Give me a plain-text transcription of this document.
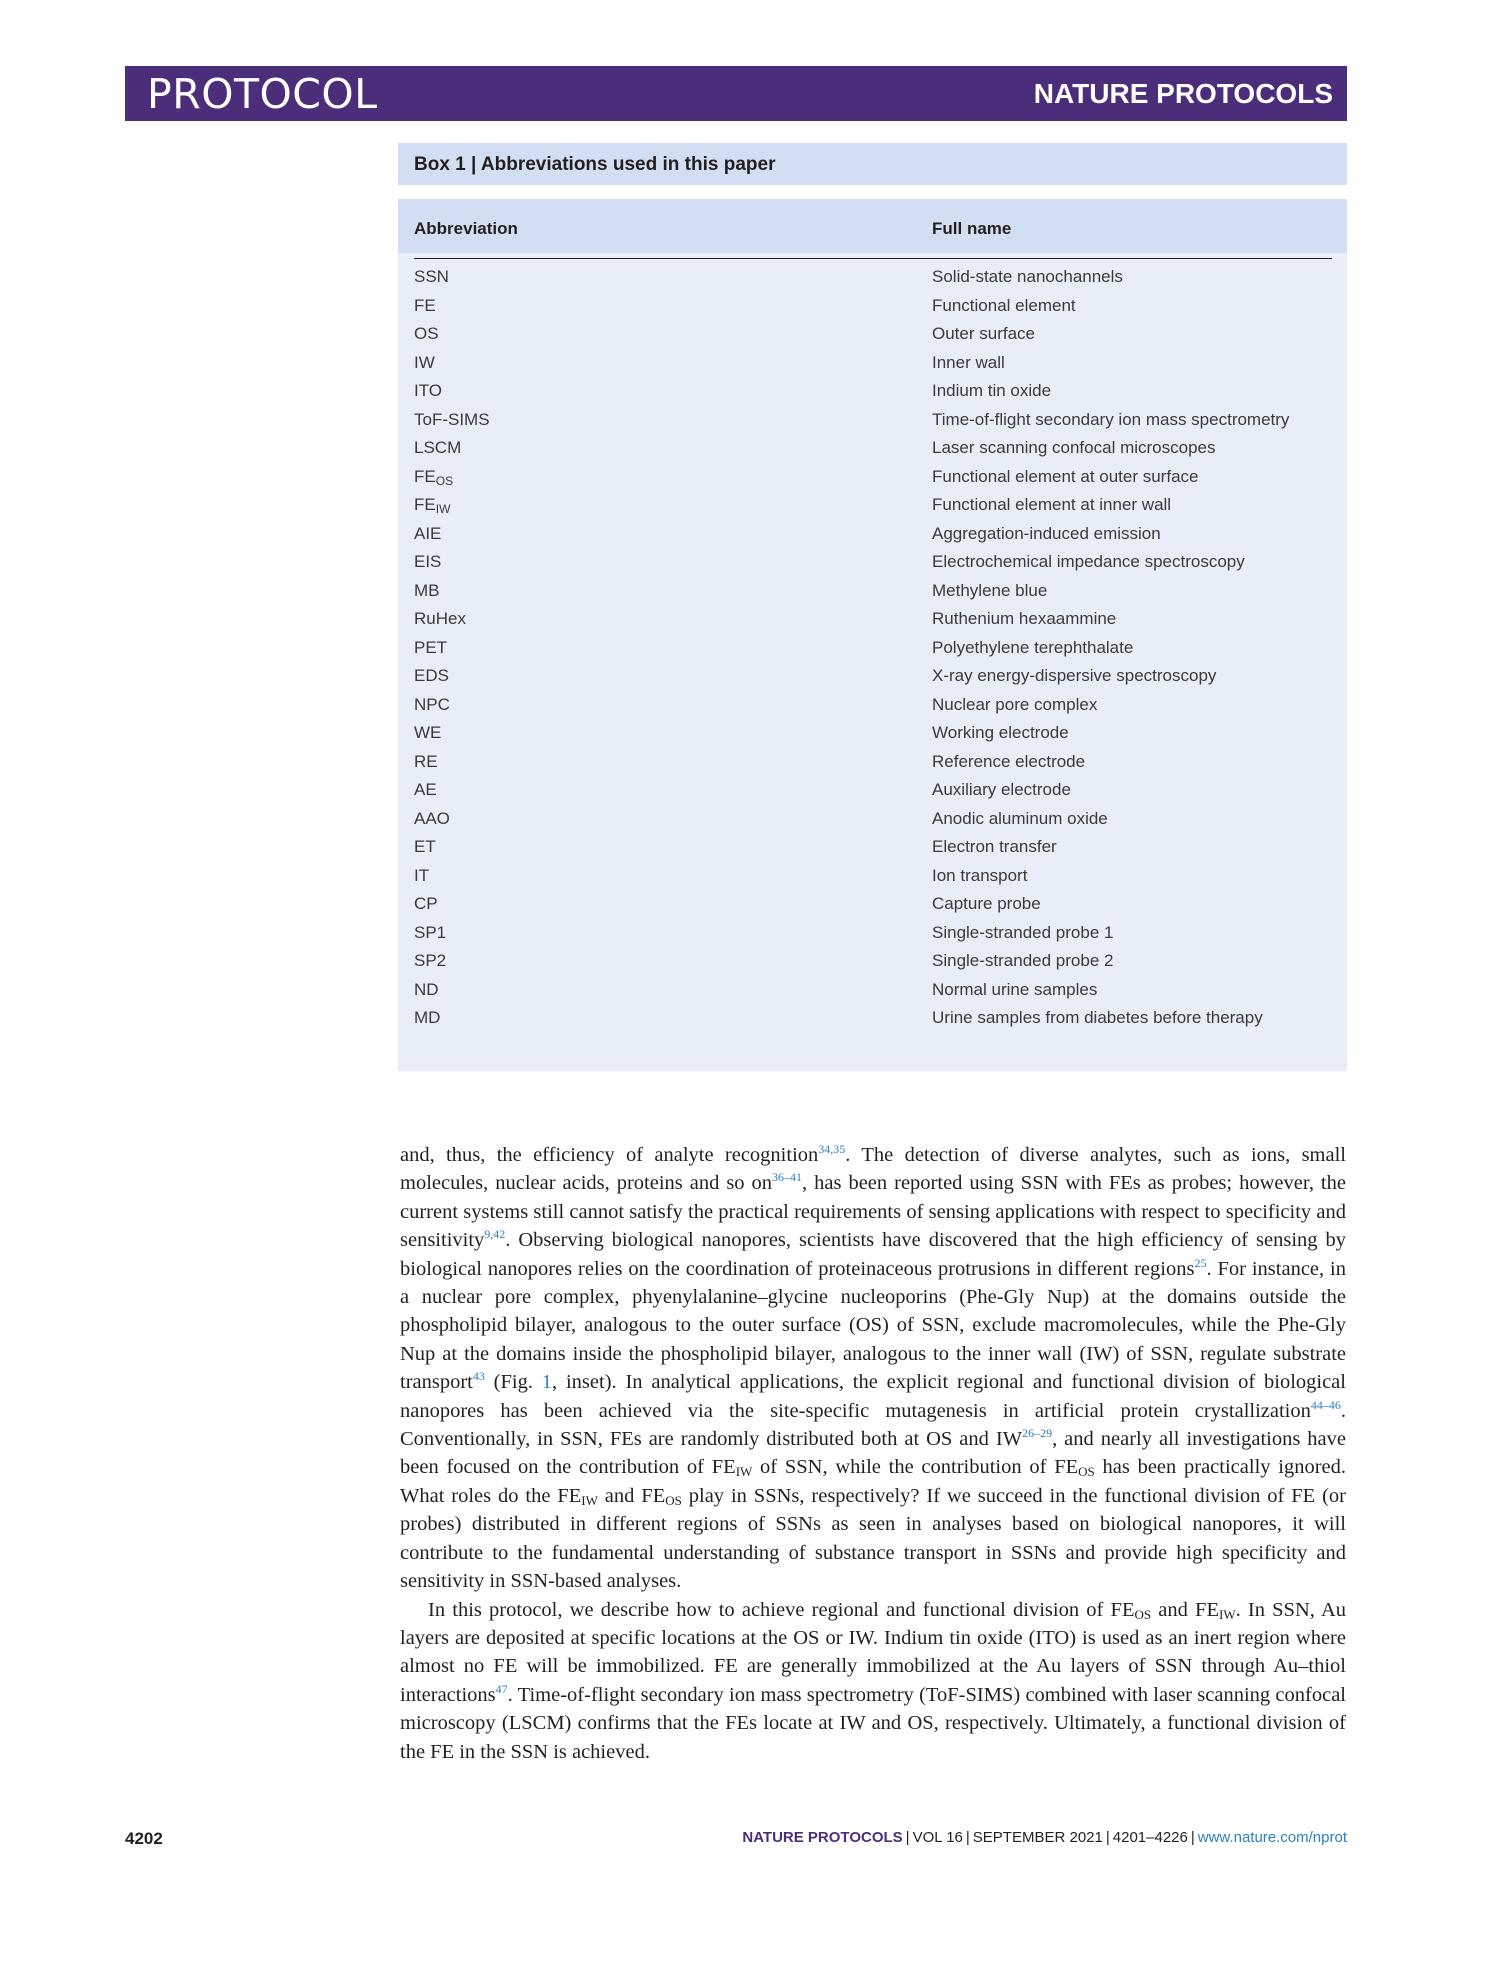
PROTOCOL	NATURE PROTOCOLS
Box 1 | Abbreviations used in this paper
Abbreviation	Full name
SSN	Solid-state nanochannels
FE	Functional element
OS	Outer surface
IW	Inner wall
ITO	Indium tin oxide
ToF-SIMS	Time-of-flight secondary ion mass spectrometry
LSCM	Laser scanning confocal microscopes
$FE_{OS}$	Functional element at outer surface
$FE_{IW}$	Functional element at inner wall
AIE	Aggregation-induced emission
EIS	Electrochemical impedance spectroscopy
MB	Methylene blue
RuHex	Ruthenium hexaammine
PET	Polyethylene terephthalate
EDS	X-ray energy-dispersive spectroscopy
NPC	Nuclear pore complex
WE	Working electrode
RE	Reference electrode
AE	Auxiliary electrode
AAO	Anodic aluminum oxide
ET	Electron transfer
IT	Ion transport
CP	Capture probe
SP1	Single-stranded probe 1
SP2	Single-stranded probe 2
ND	Normal urine samples
MD	Urine samples from diabetes before therapy

and, thus, the efficiency of analyte recognition$^{34,35}$. The detection of diverse analytes, such as ions, small molecules, nuclear acids, proteins and so $on^{36-41}$, has been reported using SSN with FEs as probes; however, the current systems still cannot satisfy the practical requirements of sensing applications with respect to specificity and sensitivity$^{9,42}$. Observing biological nanopores, scientists have discovered that the high efficiency of sensing by biological nanopores relies on the coordination of proteinaceous protrusions in different regions$^{25}$. For instance, in a nuclear pore complex, phyenylalanine–glycine nucleoporins (Phe-Gly Nup) at the domains outside the phospholipid bilayer, analogous to the outer surface (OS) of SSN, exclude macromolecules, while the Phe-Gly Nup at the domains inside the phospholipid bilayer, analogous to the inner wall (IW) of SSN, regulate substrate transport$^{43}$ (Fig. 1, inset). In analytical applications, the explicit regional and functional division of biological nanopores has been achieved via the site-specific mutagenesis in artificial protein crystallization$^{44-46}$. Conventionally, in SSN, FEs are randomly distributed both at OS and IW$^{26-29}$, and nearly all investigations have been focused on the contribution of $FE_{IW}$ of SSN, while the contribution of $FE_{OS}$ has been practically ignored. What roles do the $FE_{IW}$ and $FE_{OS}$ play in SSNs, respectively? If we succeed in the functional division of FE (or probes) distributed in different regions of SSNs as seen in analyses based on biological nanopores, it will contribute to the fundamental understanding of substance transport in SSNs and provide high specificity and sensitivity in SSN-based analyses.

In this protocol, we describe how to achieve regional and functional division of $FE_{OS}$ and $FE_{IW}$. In SSN, Au layers are deposited at specific locations at the OS or IW. Indium tin oxide (ITO) is used as an inert region where almost no FE will be immobilized. FE are generally immobilized at the Au layers of SSN through Au–thiol interactions$^{47}$. Time-of-flight secondary ion mass spectrometry (ToF-SIMS) combined with laser scanning confocal microscopy (LSCM) confirms that the FEs locate at IW and OS, respectively. Ultimately, a functional division of the FE in the SSN is achieved.

4202	NATURE PROTOCOLS | VOL 16 | SEPTEMBER 2021 | 4201–4226 | www.nature.com/nprot
